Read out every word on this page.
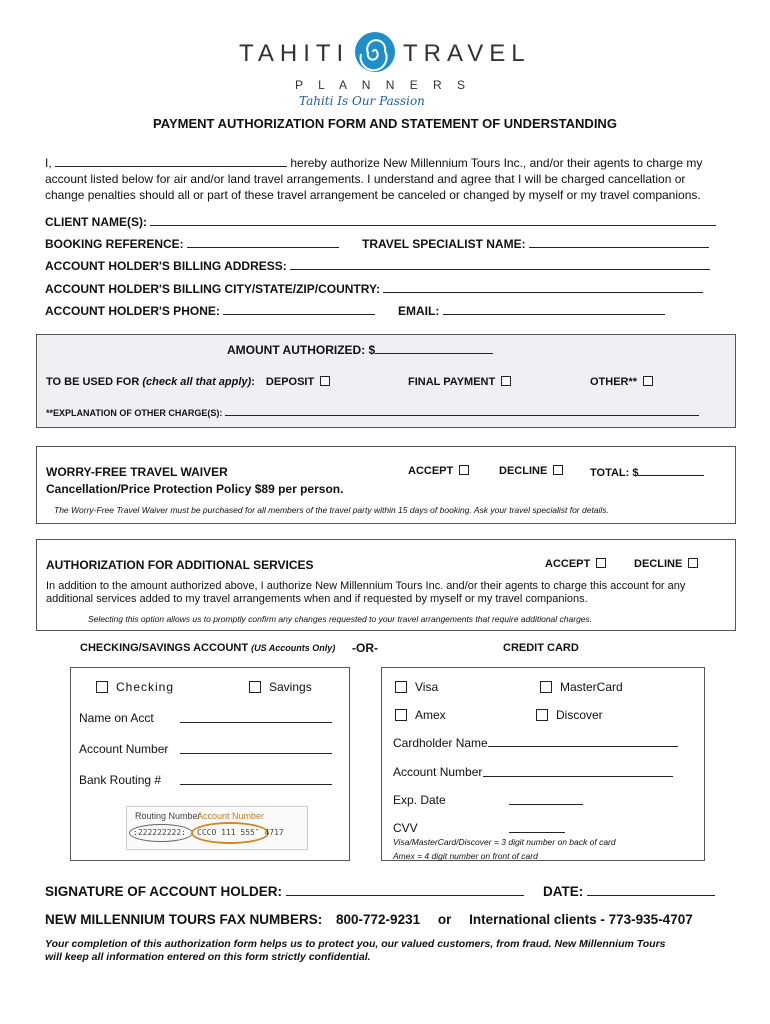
TAHITI TRAVEL
P L A N N E R S
Tahiti Is Our Passion
PAYMENT AUTHORIZATION FORM AND STATEMENT OF UNDERSTANDING
I,	hereby authorize New Millennium Tours Inc., and/or their agents to charge my
account listed below for air and/or land travel arrangements. I understand and agree that I will be charged cancellation or
change penalties should all or part of these travel arrangement be canceled or changed by myself or my travel companions.
CLIENT NAME(S):
BOOKING REFERENCE:	TRAVEL SPECIALIST NAME:
ACCOUNT HOLDER'S BILLING ADDRESS:
ACCOUNT HOLDER'S BILLING CITY/STATE/ZIP/COUNTRY:
ACCOUNT HOLDER'S PHONE:	EMAIL:
AMOUNT AUTHORIZED: $
TO BE USED FOR (check all that apply): DEPOSIT	FINAL PAYMENT	OTHER**
**EXPLANATION OF OTHER CHARGE(S):
WORRY-FREE TRAVEL WAIVER	ACCEPT	DECLINE	TOTAL: $
Cancellation/Price Protection Policy $89 per person.
The Worry-Free Travel Waiver must be purchased for all members of the travel party within 15 days of booking. Ask your travel specialist for details.
AUTHORIZATION FOR ADDITIONAL SERVICES	ACCEPT	DECLINE
In addition to the amount authorized above, I authorize New Millennium Tours Inc. and/or their agents to charge this account for any
additional services added to my travel arrangements when and if requested by myself or my travel companions.
Selecting this option allows us to promptly confirm any changes requested to your travel arrangements that require additional charges.
CHECKING/SAVINGS ACCOUNT (US Accounts Only) -OR-	CREDIT CARD
Checking	Savings
Name on Acct
Account Number
Bank Routing #
Routing Number
Account Number
:222222222: CCCO 111 555″ 4717
Visa	MasterCard
Amex	Discover
Cardholder Name
Account Number
Exp. Date
CVV
Visa/MasterCard/Discover = 3 digit number on back of card
Amex = 4 digit number on front of card
SIGNATURE OF ACCOUNT HOLDER:	DATE:
NEW MILLENNIUM TOURS FAX NUMBERS: 800-772-9231 or International clients - 773-935-4707
Your completion of this authorization form helps us to protect you, our valued customers, from fraud. New Millennium Tours
will keep all information entered on this form strictly confidential.
